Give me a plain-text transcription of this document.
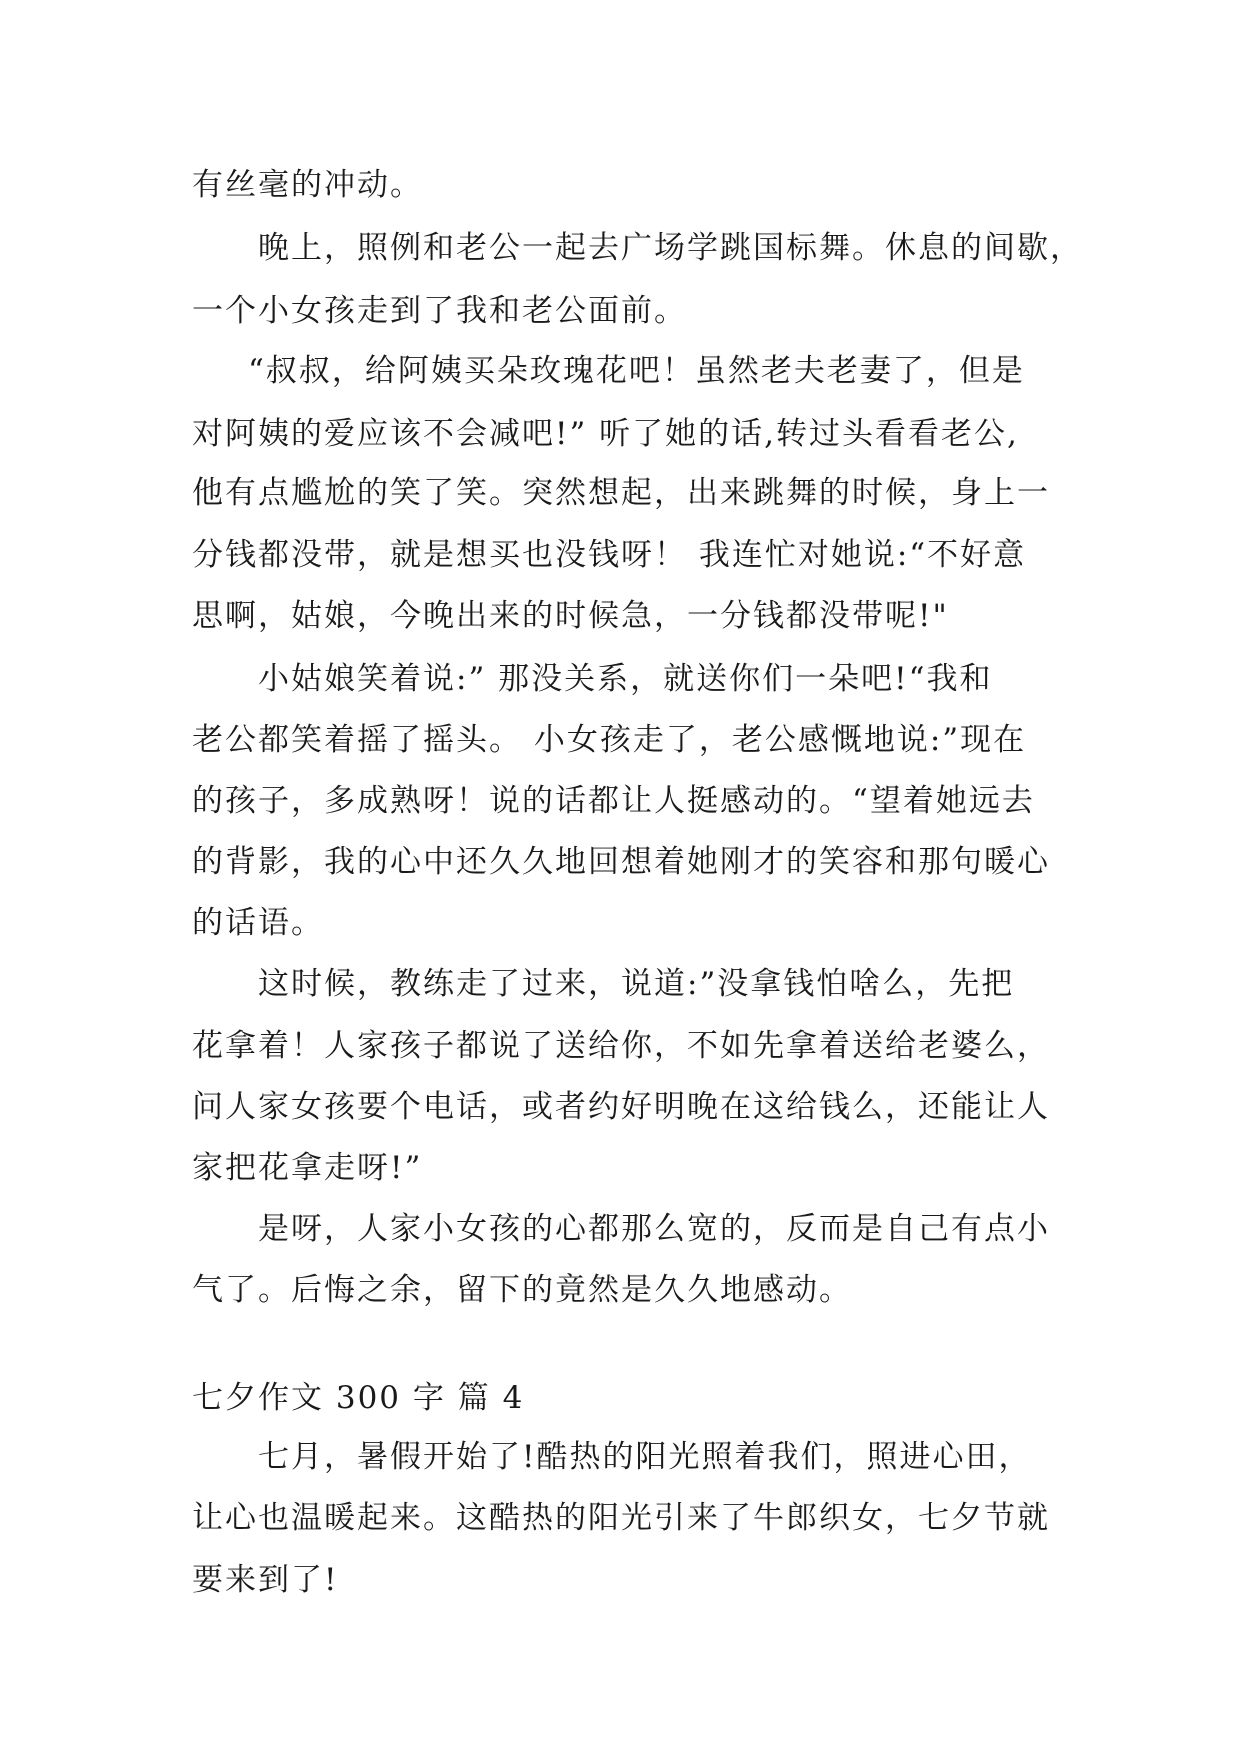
有丝毫的冲动。
晚上，照例和老公一起去广场学跳国标舞。休息的间歇，
一个小女孩走到了我和老公面前。
“叔叔，给阿姨买朵玫瑰花吧！虽然老夫老妻了，但是
对阿姨的爱应该不会减吧!” 听了她的话,转过头看看老公,
他有点尴尬的笑了笑。突然想起，出来跳舞的时候，身上一
分钱都没带，就是想买也没钱呀！ 我连忙对她说:“不好意
思啊，姑娘，今晚出来的时候急，一分钱都没带呢!"
小姑娘笑着说:” 那没关系，就送你们一朵吧!“我和
老公都笑着摇了摇头。 小女孩走了，老公感慨地说:”现在
的孩子，多成熟呀！说的话都让人挺感动的。“望着她远去
的背影，我的心中还久久地回想着她刚才的笑容和那句暖心
的话语。
这时候，教练走了过来，说道:”没拿钱怕啥么，先把
花拿着！人家孩子都说了送给你，不如先拿着送给老婆么，
问人家女孩要个电话，或者约好明晚在这给钱么，还能让人
家把花拿走呀!”
是呀，人家小女孩的心都那么宽的，反而是自己有点小
气了。后悔之余，留下的竟然是久久地感动。
七夕作文 300 字 篇 4
七月，暑假开始了!酷热的阳光照着我们，照进心田，
让心也温暖起来。这酷热的阳光引来了牛郎织女，七夕节就
要来到了!
